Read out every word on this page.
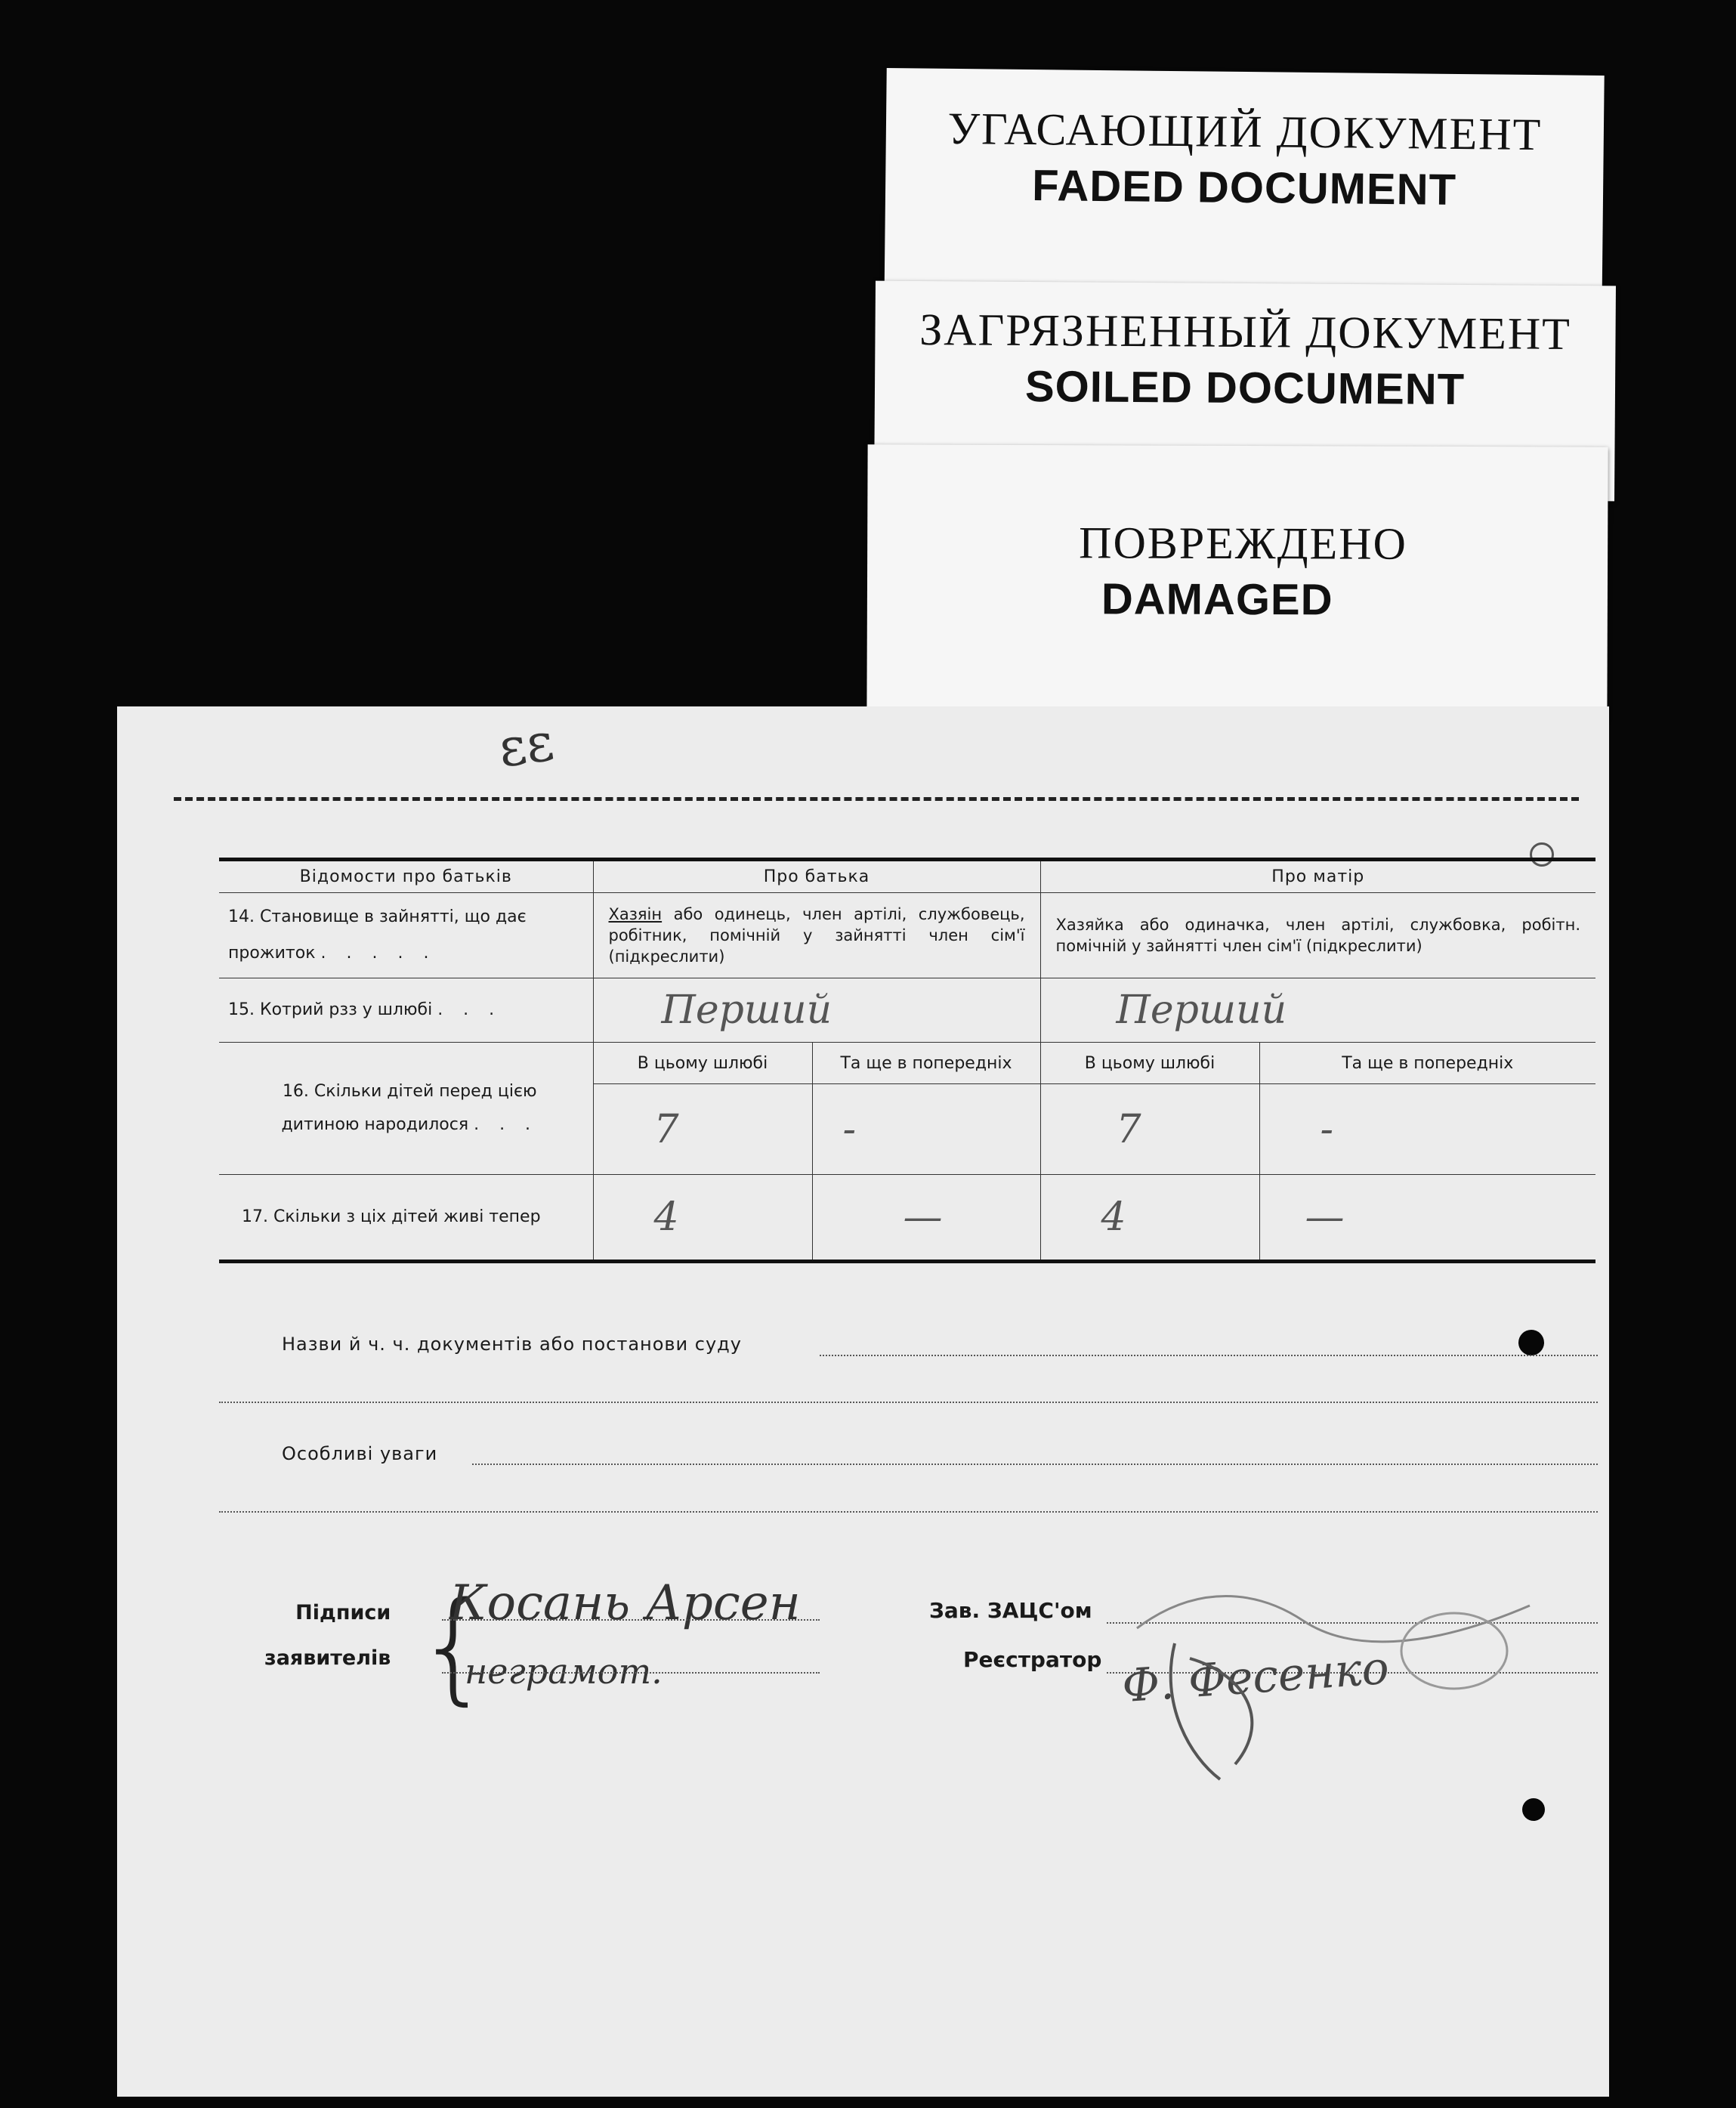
УГАСАЮЩИЙ ДОКУМЕНТ
FADED DOCUMENT
ЗАГРЯЗНЕННЫЙ ДОКУМЕНТ
SOILED DOCUMENT
ПОВРЕЖДЕНО
DAMAGED
ɛɛ
Відомости про батьків	Про батька		Про матір	
14. Становище в зайнятті, що дає прожиток . . . . .	Хазяін або одинець, член артілі, службовець, робітник, помічній у зайнятті член сім'ї (підкреслити)		Хазяйка або одиначка, член артілі, службовка, робітн. помічній у зайнятті член сім'ї (підкреслити)	
15. Котрий рзз у шлюбі . . .	Перший		Перший	
16. Скільки дітей перед цією дитиною народилося . . .	В цьому шлюбі	Та ще в попередніх	В цьому шлюбі	Та ще в попередніх
	7	-	7	-
17. Скільки з ціх дітей живі тепер	4	—	4	—
Назви й ч. ч. документів або постанови суду
Особливі уваги
Підписи
заявителів {
Косань Арсен
неграмот.
Зав. ЗАЦС'ом
Реєстратор Ф. Фесенко
